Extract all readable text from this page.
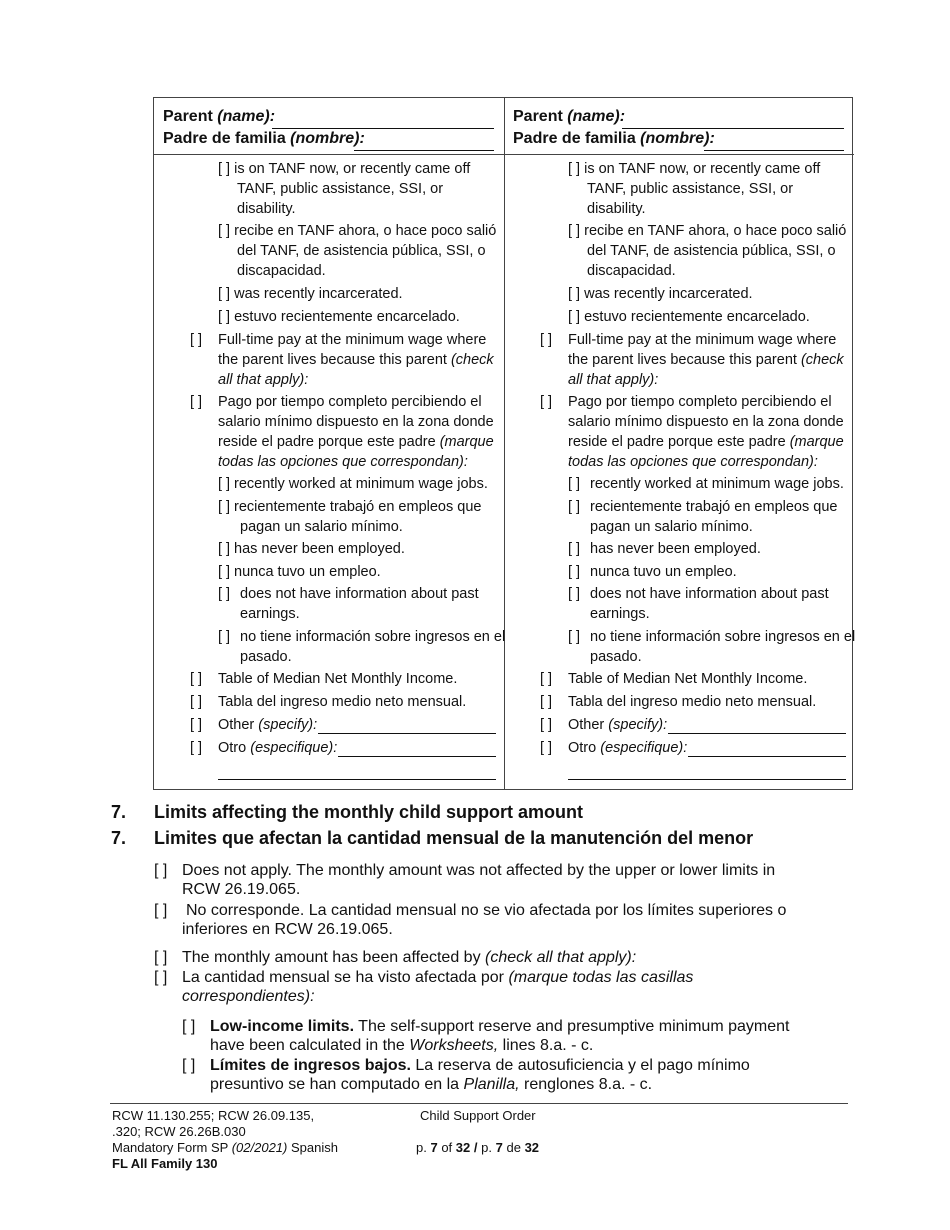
Parent (name):
Padre de familia (nombre):
[ ] is on TANF now, or recently came off
TANF, public assistance, SSI, or
disability.
[ ] recibe en TANF ahora, o hace poco salió
del TANF, de asistencia pública, SSI, o
discapacidad.
[ ] was recently incarcerated.
[ ] estuvo recientemente encarcelado.
[ ] Full-time pay at the minimum wage where
the parent lives because this parent (check
all that apply):
[ ] Pago por tiempo completo percibiendo el
salario mínimo dispuesto en la zona donde
reside el padre porque este padre (marque
todas las opciones que correspondan):
[ ] recently worked at minimum wage jobs.
[ ] recientemente trabajó en empleos que
pagan un salario mínimo.
[ ] has never been employed.
[ ] nunca tuvo un empleo.
[ ] does not have information about past
earnings.
[ ] no tiene información sobre ingresos en el
pasado.
[ ] Table of Median Net Monthly Income.
[ ] Tabla del ingreso medio neto mensual.
[ ] Other (specify):
[ ] Otro (especifique):
Parent (name):
Padre de familia (nombre):
[ ] is on TANF now, or recently came off
TANF, public assistance, SSI, or
disability.
[ ] recibe en TANF ahora, o hace poco salió
del TANF, de asistencia pública, SSI, o
discapacidad.
[ ] was recently incarcerated.
[ ] estuvo recientemente encarcelado.
[ ] Full-time pay at the minimum wage where
the parent lives because this parent (check
all that apply):
[ ] Pago por tiempo completo percibiendo el
salario mínimo dispuesto en la zona donde
reside el padre porque este padre (marque
todas las opciones que correspondan):
[ ] recently worked at minimum wage jobs.
[ ] recientemente trabajó en empleos que
pagan un salario mínimo.
[ ] has never been employed.
[ ] nunca tuvo un empleo.
[ ] does not have information about past
earnings.
[ ] no tiene información sobre ingresos en el
pasado.
[ ] Table of Median Net Monthly Income.
[ ] Tabla del ingreso medio neto mensual.
[ ] Other (specify):
[ ] Otro (especifique):
7. Limits affecting the monthly child support amount
7. Limites que afectan la cantidad mensual de la manutención del menor
[ ] Does not apply. The monthly amount was not affected by the upper or lower limits in
RCW 26.19.065.
[ ] No corresponde. La cantidad mensual no se vio afectada por los límites superiores o
inferiores en RCW 26.19.065.
[ ] The monthly amount has been affected by (check all that apply):
[ ] La cantidad mensual se ha visto afectada por (marque todas las casillas
correspondientes):
[ ] Low-income limits. The self-support reserve and presumptive minimum payment
have been calculated in the Worksheets, lines 8.a. - c.
[ ] Límites de ingresos bajos. La reserva de autosuficiencia y el pago mínimo
presuntivo se han computado en la Planilla, renglones 8.a. - c.
RCW 11.130.255; RCW 26.09.135,
.320; RCW 26.26B.030
Mandatory Form SP (02/2021) Spanish
FL All Family 130
Child Support Order
p. 7 of 32 / p. 7 de 32
